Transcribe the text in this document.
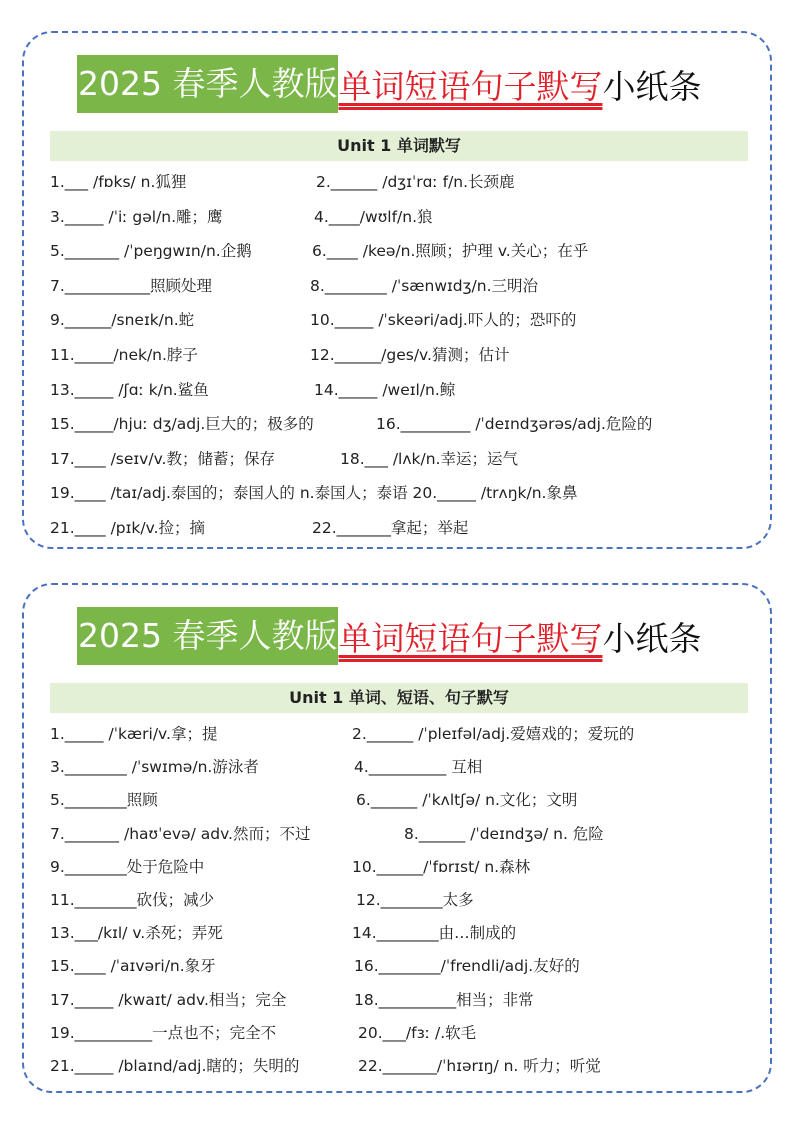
2025 春季人教版 单词短语句子默写 小纸条
Unit 1 单词默写
1.___ /fɒks/ n.狐狸	2.______ /dʒɪˈrɑː f/n.长颈鹿
3._____ /ˈiː gəl/n.雕；鹰	4.____/wʊlf/n.狼
5._______ /ˈpeŋgwɪn/n.企鹅	6.____ /keə/n.照顾；护理 v.关心；在乎
7.___________照顾处理	8.________ /ˈsænwɪdʒ/n.三明治
9.______/sneɪk/n.蛇	10._____ /ˈskeəri/adj.吓人的；恐吓的
11._____/nek/n.脖子	12.______/ges/v.猜测；估计
13._____ /ʃɑː k/n.鲨鱼	14._____ /weɪl/n.鲸
15._____/hjuː dʒ/adj.巨大的；极多的	16._________ /ˈdeɪndʒərəs/adj.危险的
17.____ /seɪv/v.教；储蓄；保存	18.___ /lʌk/n.幸运；运气
19.____ /taɪ/adj.泰国的；泰国人的 n.泰国人；泰语 20._____ /trʌŋk/n.象鼻
21.____ /pɪk/v.捡；摘	22._______拿起；举起
2025 春季人教版 单词短语句子默写 小纸条
Unit 1 单词、短语、句子默写
1._____ /ˈkæri/v.拿；提	2.______ /ˈpleɪfəl/adj.爱嬉戏的；爱玩的
3.________ /ˈswɪmə/n.游泳者	4.__________ 互相
5.________照顾	6.______ /ˈkʌltʃə/ n.文化；文明
7._______ /haʊˈevə/ adv.然而；不过	8.______ /ˈdeɪndʒə/ n. 危险
9.________处于危险中	10.______/ˈfɒrɪst/ n.森林
11.________砍伐；减少	12.________太多
13.___/kɪl/ v.杀死；弄死	14.________由…制成的
15.____ /ˈaɪvəri/n.象牙	16.________/ˈfrendli/adj.友好的
17._____ /kwaɪt/ adv.相当；完全	18.__________相当；非常
19.__________一点也不；完全不	20.___/fɜː /.软毛
21._____ /blaɪnd/adj.瞎的；失明的	22._______/ˈhɪərɪŋ/ n. 听力；听觉
